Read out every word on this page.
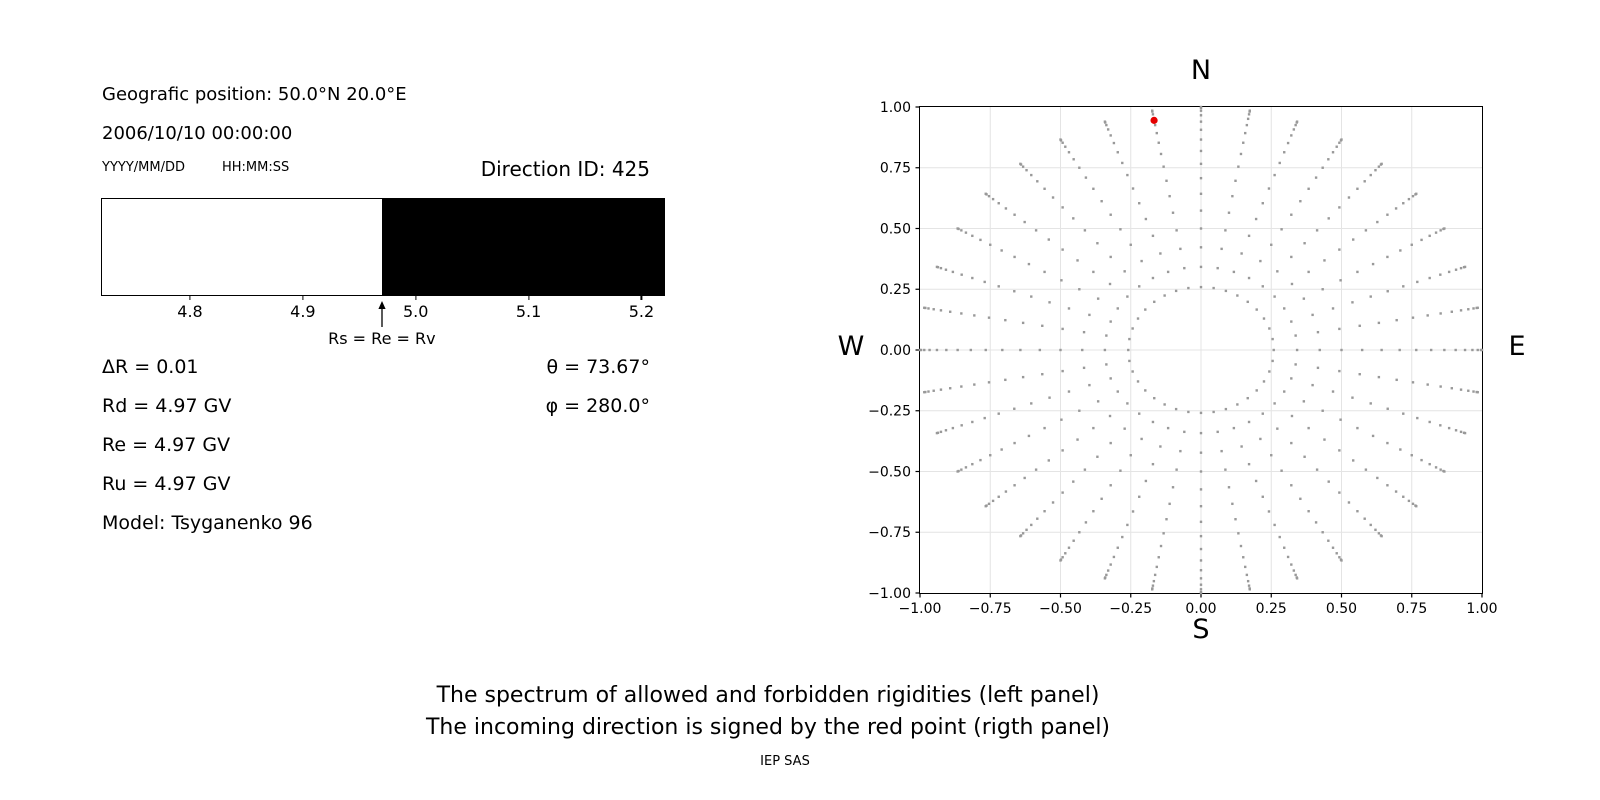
Geografic position: 50.0°N 20.0°E
2006/10/10 00:00:00
YYYY/MM/DD	HH:MM:SS	Direction ID: 425
Rs = Re = Rv
4.8	4.9	5.0	5.1	5.2
ΔR = 0.01
Rd = 4.97 GV
Re = 4.97 GV
Ru = 4.97 GV
Model: Tsyganenko 96
θ = 73.67°
φ = 280.0°
−1.00
−1.00
−0.75
−0.75
−0.50
−0.50
−0.25
−0.25
0.00
0.00
0.25
0.25
0.50
0.50
0.75
0.75
1.00
1.00
N
S
W	E
The spectrum of allowed and forbidden rigidities (left panel)
The incoming direction is signed by the red point (rigth panel)
IEP SAS
